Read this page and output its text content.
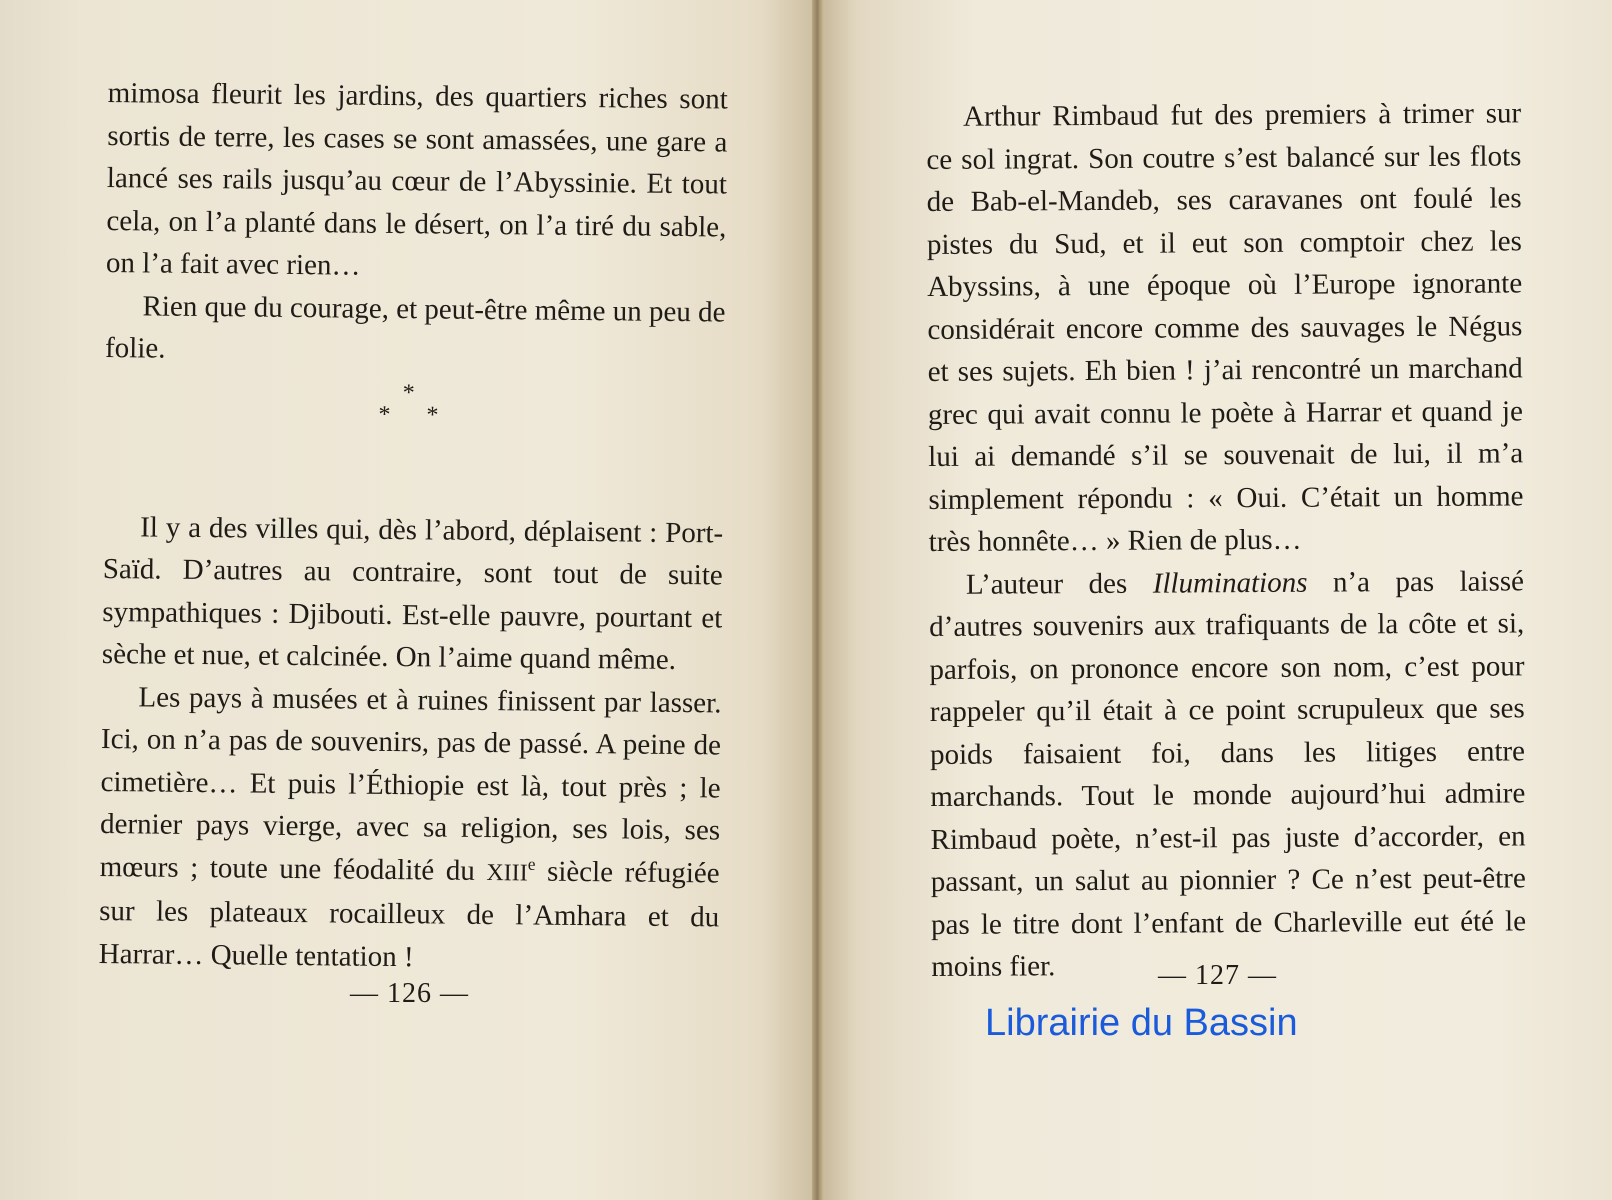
mimosa fleurit les jardins, des quartiers riches sont sortis de terre, les cases se sont amassées, une gare a lancé ses rails jusqu’au cœur de l’Abyssinie. Et tout cela, on l’a planté dans le désert, on l’a tiré du sable, on l’a fait avec rien…

Rien que du courage, et peut-être même un peu de folie.

*
* *

Il y a des villes qui, dès l’abord, déplaisent : Port-Saïd. D’autres au contraire, sont tout de suite sympathiques : Djibouti. Est-elle pauvre, pourtant et sèche et nue, et calcinée. On l’aime quand même.

Les pays à musées et à ruines finissent par lasser. Ici, on n’a pas de souvenirs, pas de passé. A peine de cimetière… Et puis l’Éthiopie est là, tout près ; le dernier pays vierge, avec sa religion, ses lois, ses mœurs ; toute une féodalité du XIIIe siècle réfugiée sur les plateaux rocailleux de l’Amhara et du Harrar… Quelle tentation !

— 126 —

Arthur Rimbaud fut des premiers à trimer sur ce sol ingrat. Son coutre s’est balancé sur les flots de Bab-el-Mandeb, ses caravanes ont foulé les pistes du Sud, et il eut son comptoir chez les Abyssins, à une époque où l’Europe ignorante considérait encore comme des sauvages le Négus et ses sujets. Eh bien ! j’ai rencontré un marchand grec qui avait connu le poète à Harrar et quand je lui ai demandé s’il se souvenait de lui, il m’a simplement répondu : « Oui. C’était un homme très honnête… » Rien de plus…

L’auteur des Illuminations n’a pas laissé d’autres souvenirs aux trafiquants de la côte et si, parfois, on prononce encore son nom, c’est pour rappeler qu’il était à ce point scrupuleux que ses poids faisaient foi, dans les litiges entre marchands. Tout le monde aujourd’hui admire Rimbaud poète, n’est-il pas juste d’accorder, en passant, un salut au pionnier ? Ce n’est peut-être pas le titre dont l’enfant de Charleville eut été le moins fier.	— 127 —
Librairie du Bassin
